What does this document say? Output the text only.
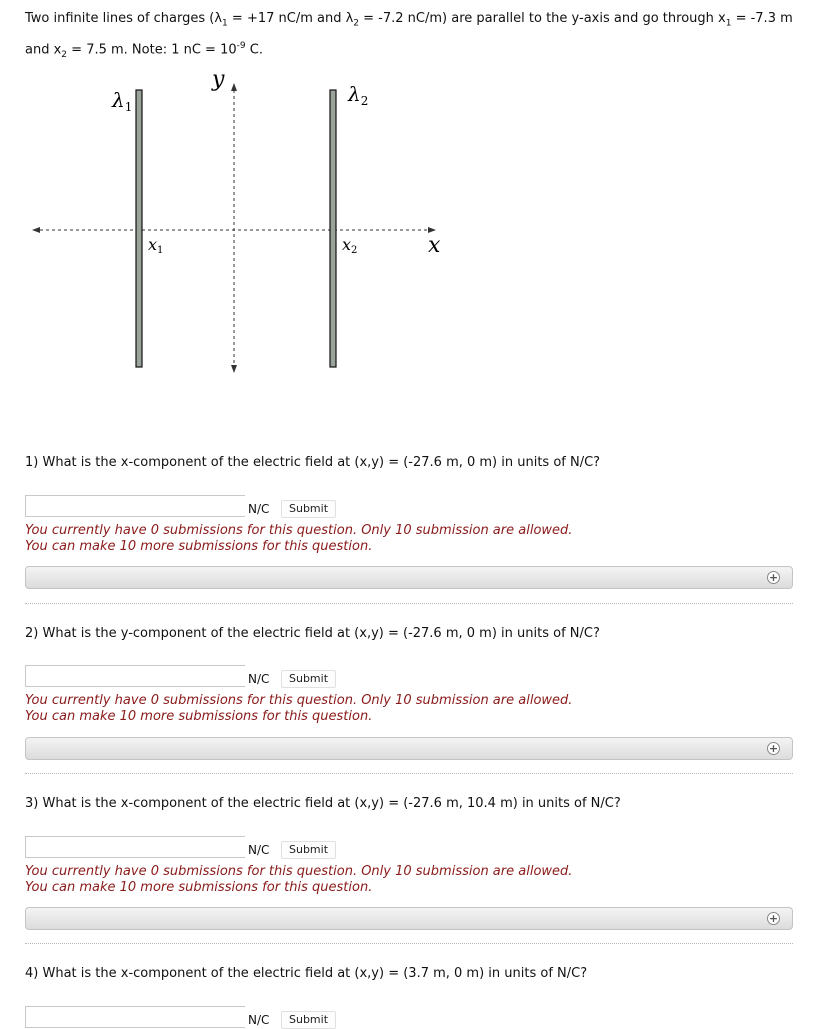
Two infinite lines of charges ($\lambda_1 = +17$ nC/m and $\lambda_2 = -7.2$ nC/m) are parallel to the y-axis and go through $x_1 = -7.3$ m
and $x_2 = 7.5$ m. Note: 1 nC = $10^{-9}$ C.
$\lambda_1$
$\lambda_2$
y
x
x1	x2
1) What is the x-component of the electric field at (x,y) = (-27.6 m, 0 m) in units of N/C?
N/C	Submit
You currently have 0 submissions for this question. Only 10 submission are allowed.
You can make 10 more submissions for this question.
+
2) What is the y-component of the electric field at (x,y) = (-27.6 m, 0 m) in units of N/C?
N/C	Submit
You currently have 0 submissions for this question. Only 10 submission are allowed.
You can make 10 more submissions for this question.
+
3) What is the x-component of the electric field at (x,y) = (-27.6 m, 10.4 m) in units of N/C?
N/C	Submit
You currently have 0 submissions for this question. Only 10 submission are allowed.
You can make 10 more submissions for this question.
+
4) What is the x-component of the electric field at (x,y) = (3.7 m, 0 m) in units of N/C?
N/C	Submit
